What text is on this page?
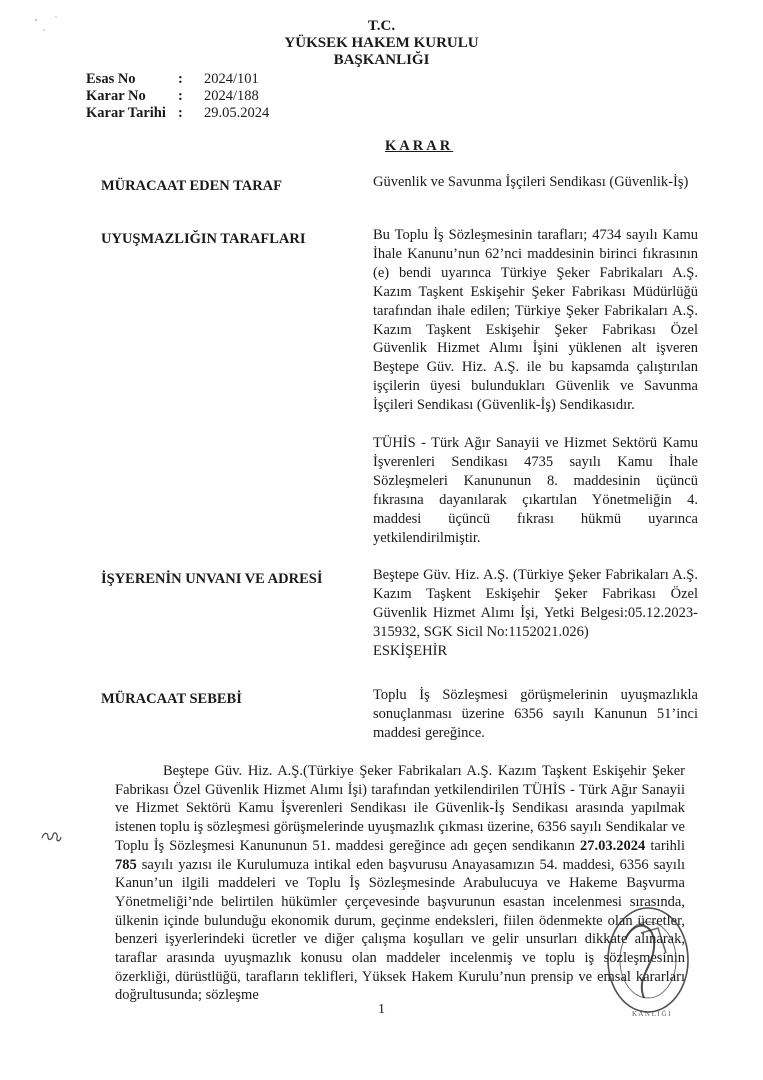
T.C.
YÜKSEK HAKEM KURULU
BAŞKANLIĞI
Esas No	:	2024/101
Karar No	:	2024/188
Karar Tarihi :	29.05.2024
KARAR
MÜRACAAT EDEN TARAF	Güvenlik ve Savunma İşçileri Sendikası (Güvenlik-İş)

UYUŞMAZLIĞIN TARAFLARI	Bu Toplu İş Sözleşmesinin tarafları; 4734 sayılı Kamu İhale Kanunu’nun 62’nci maddesinin birinci fıkrasının (e) bendi uyarınca Türkiye Şeker Fabrikaları A.Ş. Kazım Taşkent Eskişehir Şeker Fabrikası Müdürlüğü tarafından ihale edilen; Türkiye Şeker Fabrikaları A.Ş. Kazım Taşkent Eskişehir Şeker Fabrikası Özel Güvenlik Hizmet Alımı İşini yüklenen alt işveren Beştepe Güv. Hiz. A.Ş. ile bu kapsamda çalıştırılan işçilerin üyesi bulundukları Güvenlik ve Savunma İşçileri Sendikası (Güvenlik-İş) Sendikasıdır.

TÜHİS - Türk Ağır Sanayii ve Hizmet Sektörü Kamu İşverenleri Sendikası 4735 sayılı Kamu İhale Sözleşmeleri Kanununun 8. maddesinin üçüncü fıkrasına dayanılarak çıkartılan Yönetmeliğin 4. maddesi üçüncü fıkrası hükmü uyarınca yetkilendirilmiştir.

İŞYERENİN UNVANI VE ADRESİ	Beştepe Güv. Hiz. A.Ş. (Türkiye Şeker Fabrikaları A.Ş. Kazım Taşkent Eskişehir Şeker Fabrikası Özel Güvenlik Hizmet Alımı İşi, Yetki Belgesi:05.12.2023-315932, SGK Sicil No:1152021.026)

ESKİŞEHİR
MÜRACAAT SEBEBİ	Toplu İş Sözleşmesi görüşmelerinin uyuşmazlıkla sonuçlanması üzerine 6356 sayılı Kanunun 51’inci maddesi gereğince.

Beştepe Güv. Hiz. A.Ş.(Türkiye Şeker Fabrikaları A.Ş. Kazım Taşkent Eskişehir Şeker Fabrikası Özel Güvenlik Hizmet Alımı İşi) tarafından yetkilendirilen TÜHİS - Türk Ağır Sanayii ve Hizmet Sektörü Kamu İşverenleri Sendikası ile Güvenlik-İş Sendikası arasında yapılmak istenen toplu iş sözleşmesi görüşmelerinde uyuşmazlık çıkması üzerine, 6356 sayılı Sendikalar ve Toplu İş Sözleşmesi Kanununun 51. maddesi gereğince adı geçen sendikanın 27.03.2024 tarihli 785 sayılı yazısı ile Kurulumuza intikal eden başvurusu Anayasamızın 54. maddesi, 6356 sayılı Kanun’un ilgili maddeleri ve Toplu İş Sözleşmesinde Arabulucuya ve Hakeme Başvurma Yönetmeliği’nde belirtilen hükümler çerçevesinde başvurunun esastan incelenmesi sırasında, ülkenin içinde bulunduğu ekonomik durum, geçinme endeksleri, fiilen ödenmekte olan ücretler, benzeri işyerlerindeki ücretler ve diğer çalışma koşulları ve gelir unsurları dikkate alınarak, taraflar arasında uyuşmazlık konusu olan maddeler incelenmiş ve toplu iş sözleşmesinin özerkliği, dürüstlüğü, tarafların teklifleri, Yüksek Hakem Kurulu’nun prensip ve emsal kararları doğrultusunda; sözleşme
K A N L I Ğ I
1
